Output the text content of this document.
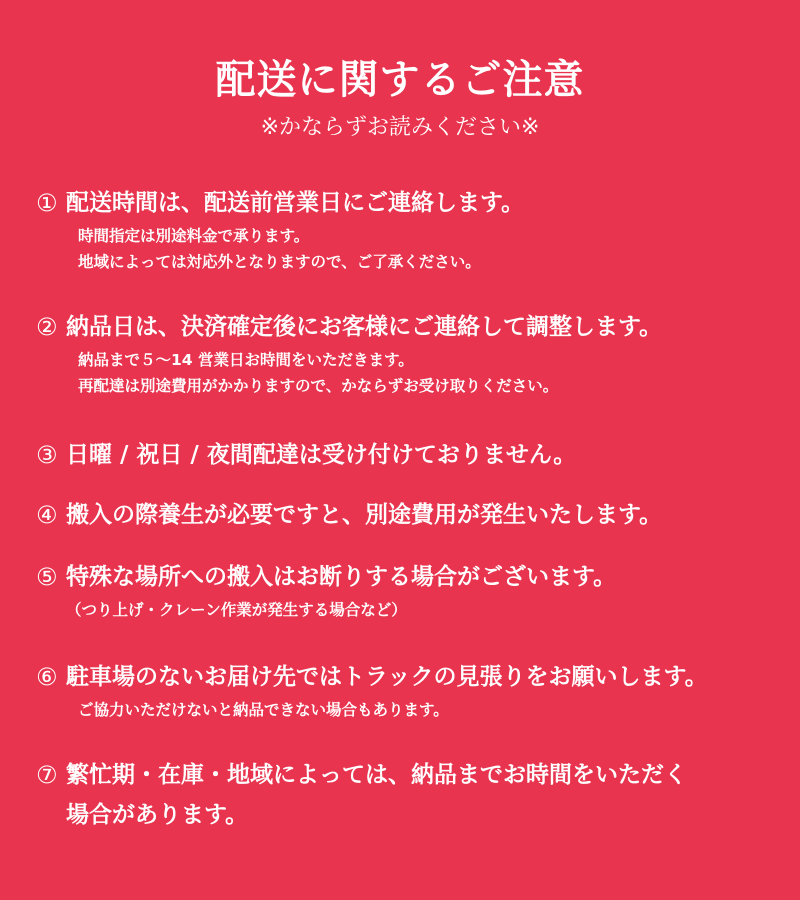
配送に関するご注意
※かならずお読みください※
① 配送時間は、配送前営業日にご連絡します。
時間指定は別途料金で承ります。
地域によっては対応外となりますので、ご了承ください。
② 納品日は、決済確定後にお客様にご連絡して調整します。
納品まで５～14 営業日お時間をいただきます。
再配達は別途費用がかかりますので、かならずお受け取りください。
③ 日曜 / 祝日 / 夜間配達は受け付けておりません。
④ 搬入の際養生が必要ですと、別途費用が発生いたします。
⑤ 特殊な場所への搬入はお断りする場合がございます。
（つり上げ・クレーン作業が発生する場合など）
⑥ 駐車場のないお届け先ではトラックの見張りをお願いします。
ご協力いただけないと納品できない場合もあります。
⑦ 繁忙期・在庫・地域によっては、納品までお時間をいただく
場合があります。
